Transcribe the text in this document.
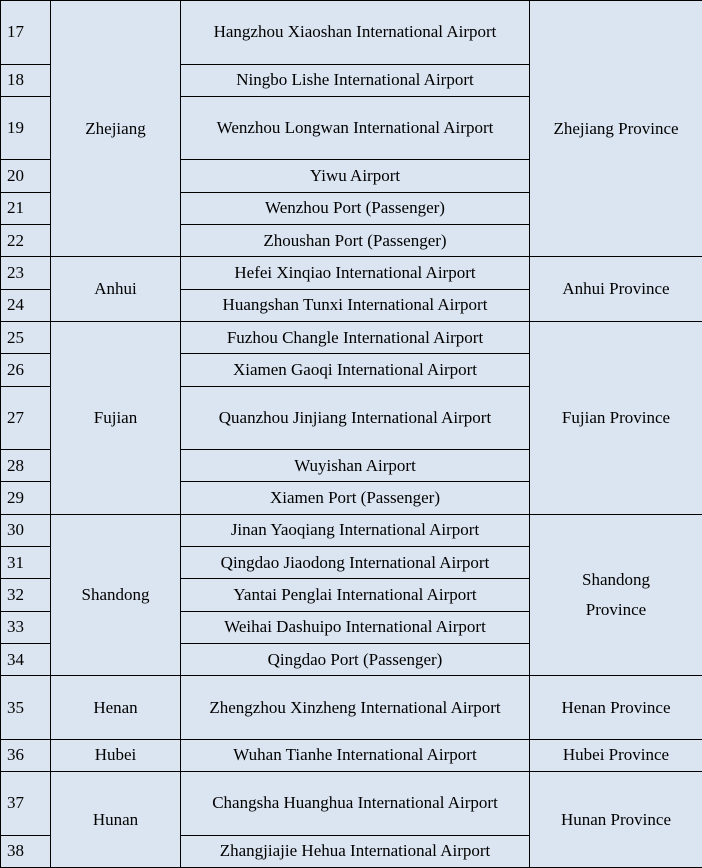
17	Zhejiang	Hangzhou Xiaoshan International Airport	Zhejiang Province
18		Ningbo Lishe International Airport	
19		Wenzhou Longwan International Airport	
20		Yiwu Airport	
21		Wenzhou Port (Passenger)	
22		Zhoushan Port (Passenger)	
23	Anhui	Hefei Xinqiao International Airport	Anhui Province
24		Huangshan Tunxi International Airport	
25	Fujian	Fuzhou Changle International Airport	Fujian Province
26		Xiamen Gaoqi International Airport	
27		Quanzhou Jinjiang International Airport	
28		Wuyishan Airport	
29		Xiamen Port (Passenger)	
30	Shandong	Jinan Yaoqiang International Airport	Shandong Province
31		Qingdao Jiaodong International Airport	
32		Yantai Penglai International Airport	
33		Weihai Dashuipo International Airport	
34		Qingdao Port (Passenger)	
35	Henan	Zhengzhou Xinzheng International Airport	Henan Province
36	Hubei	Wuhan Tianhe International Airport	Hubei Province
37	Hunan	Changsha Huanghua International Airport	Hunan Province
38		Zhangjiajie Hehua International Airport	
